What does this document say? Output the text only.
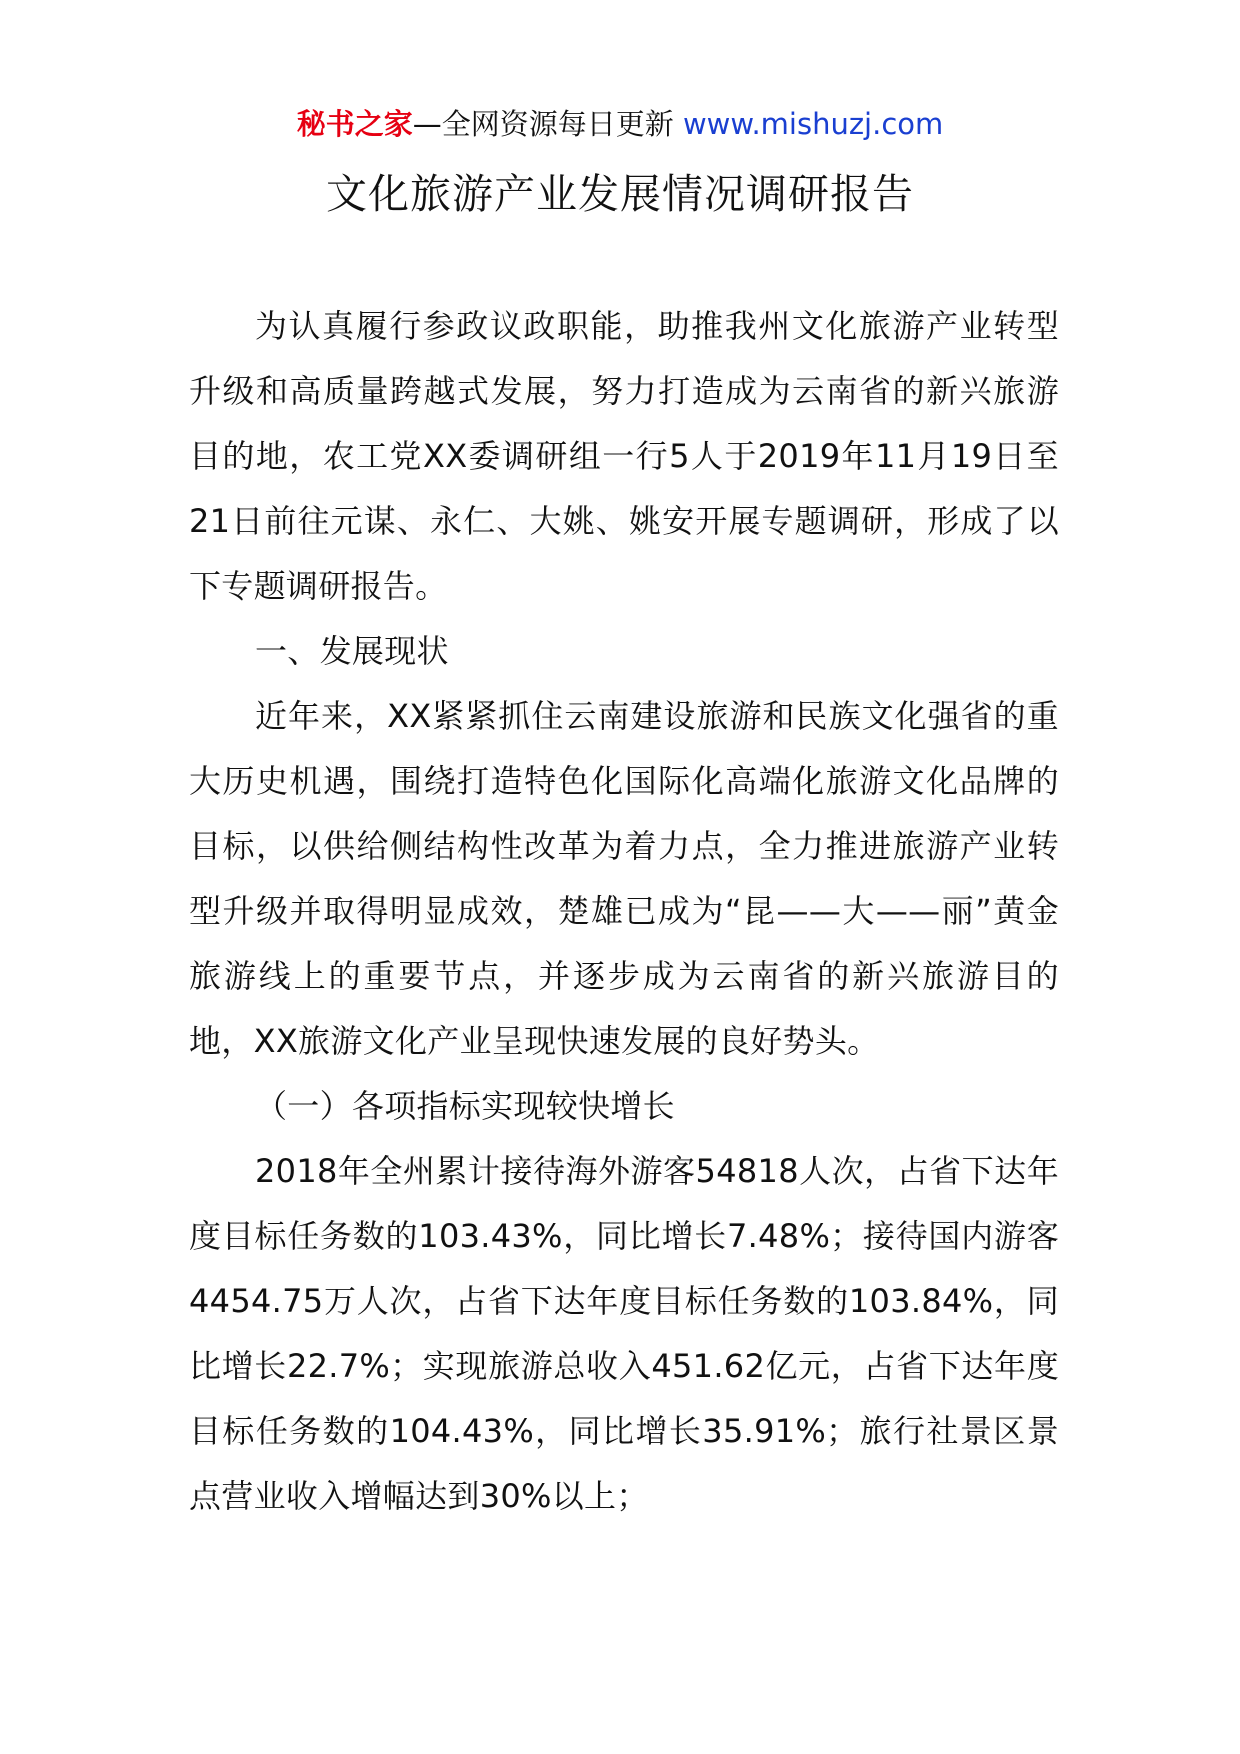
秘书之家—全网资源每日更新 www.mishuzj.com
文化旅游产业发展情况调研报告

为认真履行参政议政职能，助推我州文化旅游产业转型升级和高质量跨越式发展，努力打造成为云南省的新兴旅游目的地，农工党XX委调研组一行5人于2019年11月19日至21日前往元谋、永仁、大姚、姚安开展专题调研，形成了以下专题调研报告。

一、发展现状

近年来，XX紧紧抓住云南建设旅游和民族文化强省的重大历史机遇，围绕打造特色化国际化高端化旅游文化品牌的目标，以供给侧结构性改革为着力点，全力推进旅游产业转型升级并取得明显成效，楚雄已成为“昆——大——丽”黄金旅游线上的重要节点，并逐步成为云南省的新兴旅游目的地，XX旅游文化产业呈现快速发展的良好势头。

（一）各项指标实现较快增长

2018年全州累计接待海外游客54818人次，占省下达年度目标任务数的103.43%，同比增长7.48%；接待国内游客4454.75万人次，占省下达年度目标任务数的103.84%，同比增长22.7%；实现旅游总收入451.62亿元，占省下达年度目标任务数的104.43%，同比增长35.91%；旅行社景区景点营业收入增幅达到30%以上；
